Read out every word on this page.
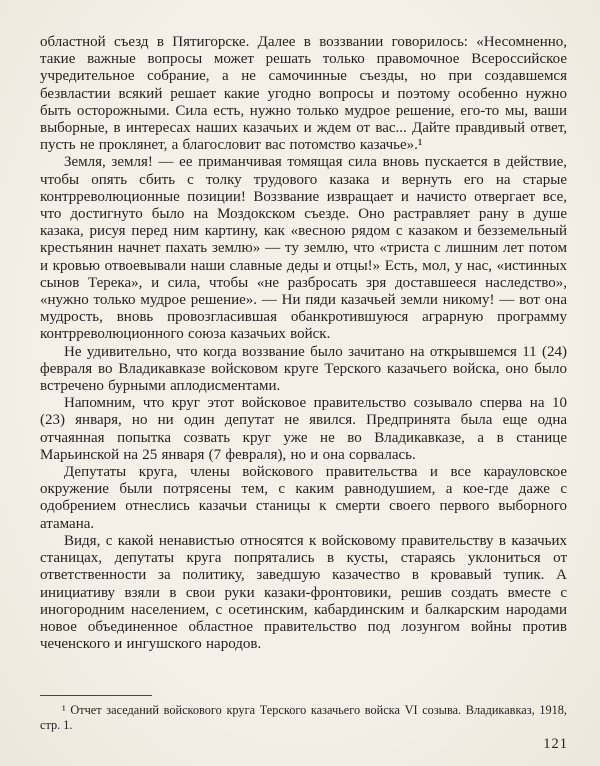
областной съезд в Пятигорске. Далее в воззвании говорилось: «Несомненно, такие важные вопросы может решать только правомочное Всероссийское учредительное собрание, а не самочинные съезды, но при создавшемся безвластии всякий решает какие угодно вопросы и поэтому особенно нужно быть осторожными. Сила есть, нужно только мудрое решение, его-то мы, ваши выборные, в интересах наших казачьих и ждем от вас... Дайте правдивый ответ, пусть не проклянет, а благословит вас потомство казачье».¹

Земля, земля! — ее приманчивая томящая сила вновь пускается в действие, чтобы опять сбить с толку трудового казака и вернуть его на старые контрреволюционные позиции! Воззвание извращает и начисто отвергает все, что достигнуто было на Моздокском съезде. Оно растравляет рану в душе казака, рисуя перед ним картину, как «весною рядом с казаком и безземельный крестьянин начнет пахать землю» — ту землю, что «триста с лишним лет потом и кровью отвоевывали наши славные деды и отцы!» Есть, мол, у нас, «истинных сынов Терека», и сила, чтобы «не разбросать зря доставшееся наследство», «нужно только мудрое решение». — Ни пяди казачьей земли никому! — вот она мудрость, вновь провозгласившая обанкротившуюся аграрную программу контрреволюционного союза казачьих войск.

Не удивительно, что когда воззвание было зачитано на открывшемся 11 (24) февраля во Владикавказе войсковом круге Терского казачьего войска, оно было встречено бурными аплодисментами.

Напомним, что круг этот войсковое правительство созывало сперва на 10 (23) января, но ни один депутат не явился. Предпринята была еще одна отчаянная попытка созвать круг уже не во Владикавказе, а в станице Марьинской на 25 января (7 февраля), но и она сорвалась.

Депутаты круга, члены войскового правительства и все карауловское окружение были потрясены тем, с каким равнодушием, а кое-где даже с одобрением отнеслись казачьи станицы к смерти своего первого выборного атамана.

Видя, с какой ненавистью относятся к войсковому правительству в казачьих станицах, депутаты круга попрятались в кусты, стараясь уклониться от ответственности за политику, заведшую казачество в кровавый тупик. А инициативу взяли в свои руки казаки-фронтовики, решив создать вместе с иногородним населением, с осетинским, кабардинским и балкарским народами новое объединенное областное правительство под лозунгом войны против чеченского и ингушского народов.

¹ Отчет заседаний войскового круга Терского казачьего войска VI созыва. Владикавказ, 1918, стр. 1.

121
